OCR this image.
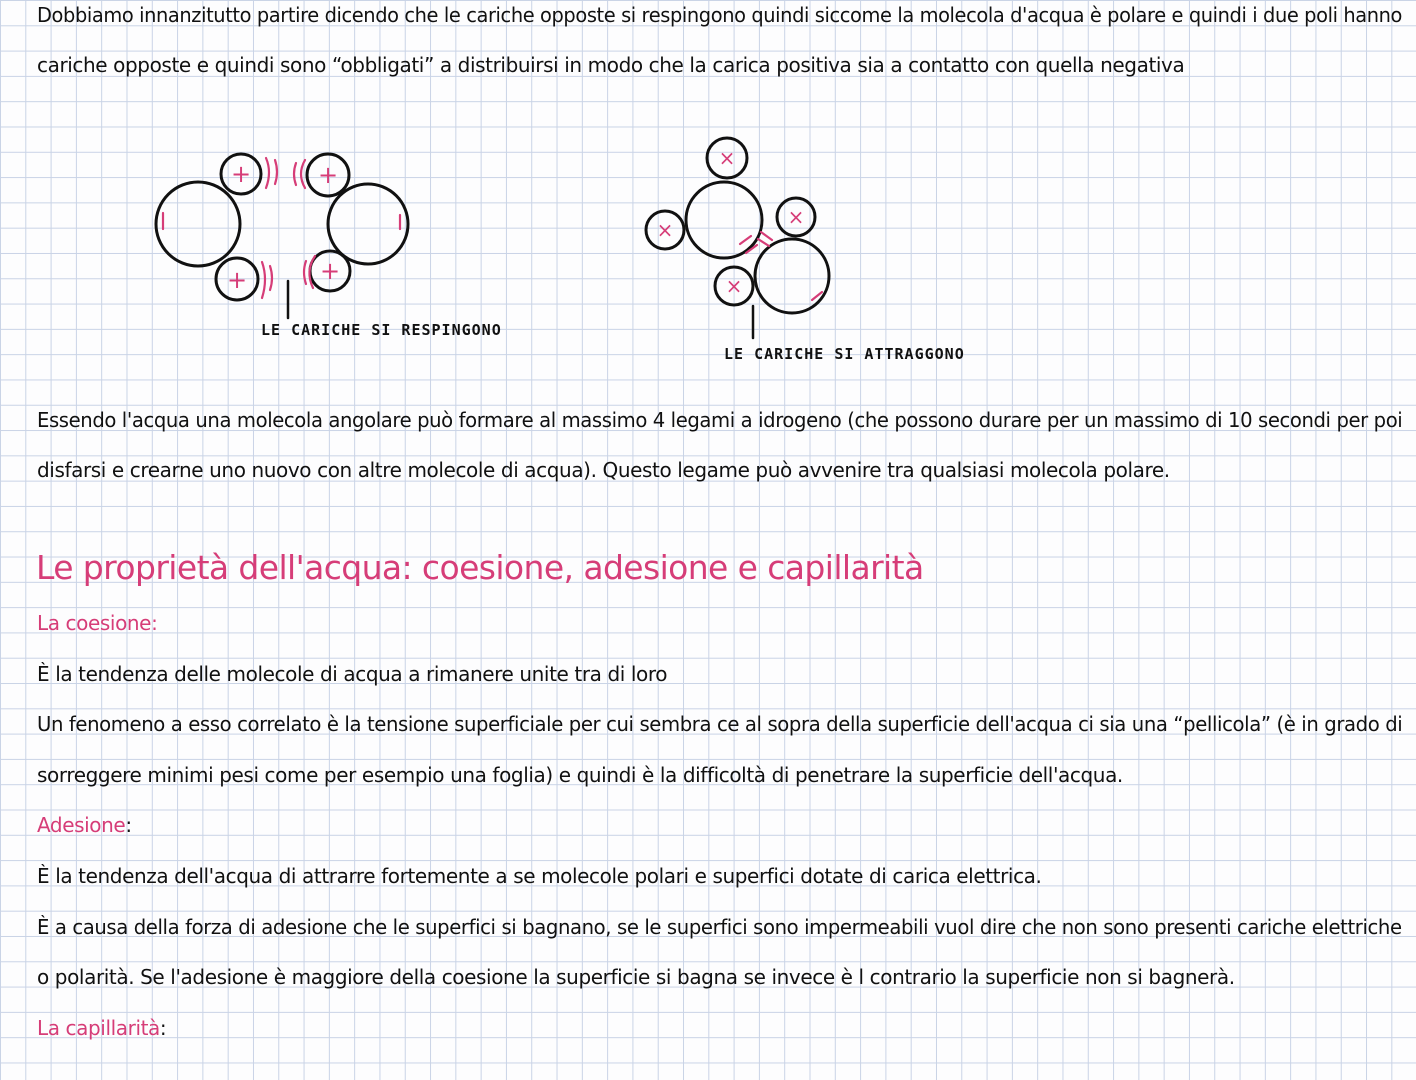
Dobbiamo innanzitutto partire dicendo che le cariche opposte si respingono quindi siccome la molecola d'acqua è polare e quindi i due poli hanno

cariche opposte e quindi sono “obbligati” a distribuirsi in modo che la carica positiva sia a contatto con quella negativa

+
+
+
+
LE CARICHE SI RESPINGONO
×
×
×
×
LE CARICHE SI ATTRAGGONO

Essendo l'acqua una molecola angolare può formare al massimo 4 legami a idrogeno (che possono durare per un massimo di 10 secondi per poi

disfarsi e crearne uno nuovo con altre molecole di acqua). Questo legame può avvenire tra qualsiasi molecola polare.

Le proprietà dell'acqua: coesione, adesione e capillarità

La coesione:

È la tendenza delle molecole di acqua a rimanere unite tra di loro

Un fenomeno a esso correlato è la tensione superficiale per cui sembra ce al sopra della superficie dell'acqua ci sia una “pellicola” (è in grado di

sorreggere minimi pesi come per esempio una foglia) e quindi è la difficoltà di penetrare la superficie dell'acqua.

Adesione:

È la tendenza dell'acqua di attrarre fortemente a se molecole polari e superfici dotate di carica elettrica.

È a causa della forza di adesione che le superfici si bagnano, se le superfici sono impermeabili vuol dire che non sono presenti cariche elettriche

o polarità. Se l'adesione è maggiore della coesione la superficie si bagna se invece è l contrario la superficie non si bagnerà.

La capillarità:
